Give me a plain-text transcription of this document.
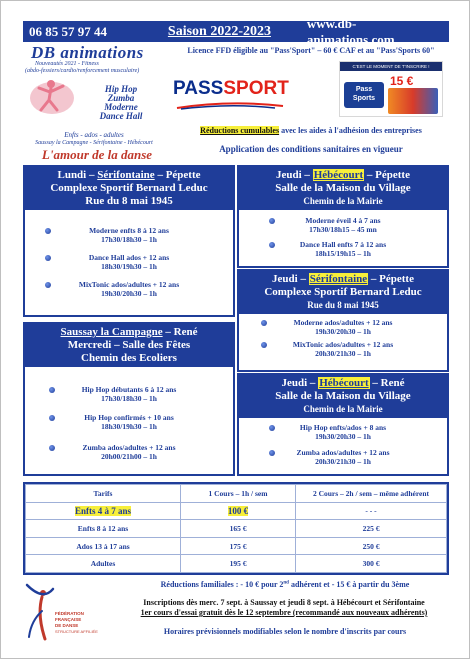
06 85 57 97 44	Saison 2022-2023
www.db-animations.com
DB animations
Nouveautés 2021 - Fitness
(abdo-fessiers/cardio/renforcement musculaire)
Hip Hop
Zumba
Moderne
Dance Hall
Enfts - ados - adultes
Saussay la Campagne - Sérifontaine - Hébécourt
L'amour de la danse
Licence FFD éligible au "Pass'Sport" – 60 € CAF et au "Pass'Sports 60"
PASSSPORT
C'EST LE MOMENT DE T'INSCRIRE !
Pass
Sports
15 €
Réductions cumulables avec les aides à l'adhésion des entreprises
Application des conditions sanitaires en vigueur
Lundi – Sérifontaine – Pépette
Complexe Sportif Bernard Leduc
Rue du 8 mai 1945
Moderne enfts 8 à 12 ans
17h30/18h30 – 1h
Dance Hall ados + 12 ans
18h30/19h30 – 1h
MixTonic ados/adultes + 12 ans
19h30/20h30 – 1h
Saussay la Campagne – René
Mercredi – Salle des Fêtes
Chemin des Ecoliers
Hip Hop débutants 6 à 12 ans
17h30/18h30 – 1h
Hip Hop confirmés + 10 ans
18h30/19h30 – 1h
Zumba ados/adultes + 12 ans
20h00/21h00 – 1h
Jeudi – Hébécourt – Pépette
Salle de la Maison du Village
Chemin de la Mairie
Moderne éveil 4 à 7 ans
17h30/18h15 – 45 mn
Dance Hall enfts 7 à 12 ans
18h15/19h15 – 1h
Jeudi – Sérifontaine – Pépette
Complexe Sportif Bernard Leduc
Rue du 8 mai 1945
Moderne ados/adultes + 12 ans
19h30/20h30 – 1h
MixTonic ados/adultes + 12 ans
20h30/21h30 – 1h
Jeudi – Hébécourt – René
Salle de la Maison du Village
Chemin de la Mairie
Hip Hop enfts/ados + 8 ans
19h30/20h30 – 1h
Zumba ados/adultes + 12 ans
20h30/21h30 – 1h
Tarifs	1 Cours – 1h / sem	2 Cours – 2h / sem – même adhérent
Enfts 4 à 7 ans	100 €	- - -
Enfts 8 à 12 ans	165 €	225 €
Ados 13 à 17 ans	175 €	250 €
Adultes	195 €	300 €
FÉDÉRATION
FRANÇAISE
DE DANSE
STRUCTURE AFFILIÉE
Réductions familiales : - 10 € pour 2nd adhérent et - 15 € à partir du 3ème
Inscriptions dès merc. 7 sept. à Saussay et jeudi 8 sept. à Hébécourt et Sérifontaine
1er cours d'essai gratuit dès le 12 septembre (recommandé aux nouveaux adhérents)
Horaires prévisionnels modifiables selon le nombre d'inscrits par cours
